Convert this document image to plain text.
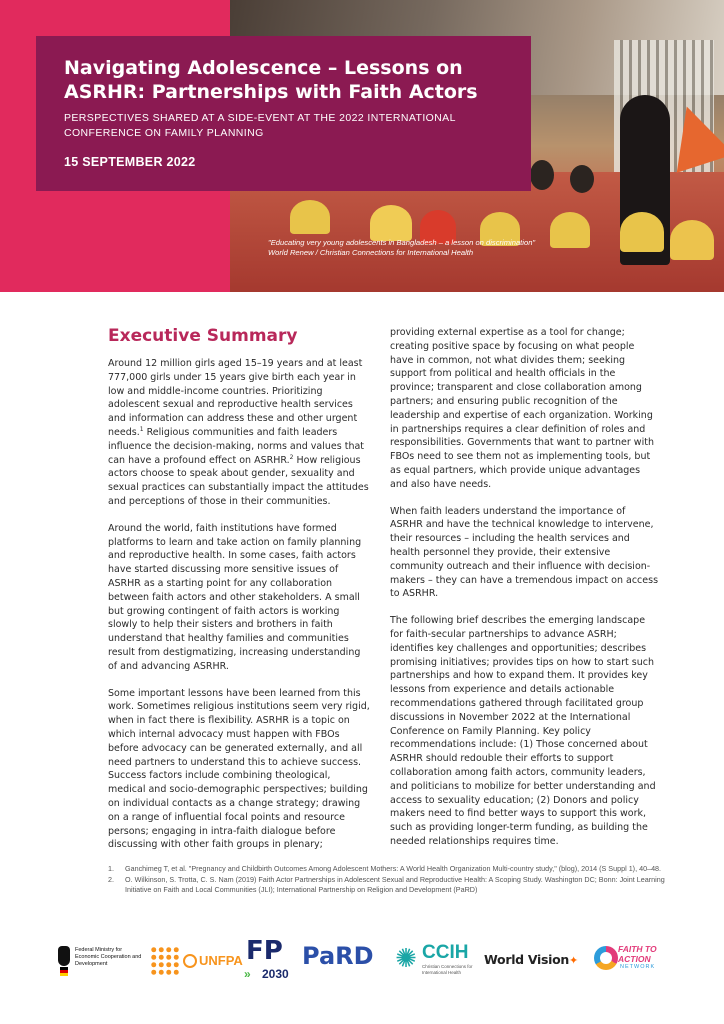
Navigating Adolescence – Lessons on ASRHR: Partnerships with Faith Actors
PERSPECTIVES SHARED AT A SIDE-EVENT AT THE 2022 INTERNATIONAL CONFERENCE ON FAMILY PLANNING
15 SEPTEMBER 2022
"Educating very young adolescents in Bangladesh – a lesson on discrimination"
World Renew / Christian Connections for International Health
Executive Summary

Around 12 million girls aged 15–19 years and at least 777,000 girls under 15 years give birth each year in low and middle-income countries. Prioritizing adolescent sexual and reproductive health services and information can address these and other urgent needs.$^1$ Religious communities and faith leaders influence the decision-making, norms and values that can have a profound effect on ASRHR.$^2$ How religious actors choose to speak about gender, sexuality and sexual practices can substantially impact the attitudes and perceptions of those in their communities.

Around the world, faith institutions have formed platforms to learn and take action on family planning and reproductive health. In some cases, faith actors have started discussing more sensitive issues of ASRHR as a starting point for any collaboration between faith actors and other stakeholders. A small but growing contingent of faith actors is working slowly to help their sisters and brothers in faith understand that healthy families and communities result from destigmatizing, increasing understanding of and advancing ASRHR.

Some important lessons have been learned from this work. Sometimes religious institutions seem very rigid, when in fact there is flexibility. ASRHR is a topic on which internal advocacy must happen with FBOs before advocacy can be generated externally, and all need partners to understand this to achieve success. Success factors include combining theological, medical and socio-demographic perspectives; building on individual contacts as a change strategy; drawing on a range of influential focal points and resource persons; engaging in intra-faith dialogue before discussing with other faith groups in plenary;

providing external expertise as a tool for change; creating positive space by focusing on what people have in common, not what divides them; seeking support from political and health officials in the province; transparent and close collaboration among partners; and ensuring public recognition of the leadership and expertise of each organization. Working in partnerships requires a clear definition of roles and responsibilities. Governments that want to partner with FBOs need to see them not as implementing tools, but as equal partners, which provide unique advantages and also have needs.

When faith leaders understand the importance of ASRHR and have the technical knowledge to intervene, their resources – including the health services and health personnel they provide, their extensive community outreach and their influence with decision-makers – they can have a tremendous impact on access to ASRHR.

The following brief describes the emerging landscape for faith-secular partnerships to advance ASRH; identifies key challenges and opportunities; describes promising initiatives; provides tips on how to start such partnerships and how to expand them. It provides key lessons from experience and details actionable recommendations gathered through facilitated group discussions in November 2022 at the International Conference on Family Planning. Key policy recommendations include: (1) Those concerned about ASRHR should redouble their efforts to support collaboration among faith actors, community leaders, and politicians to mobilize for better understanding and access to sexuality education; (2) Donors and policy makers need to find better ways to support this work, such as providing longer-term funding, as building the needed relationships requires time.

1. Ganchimeg T, et al. "Pregnancy and Childbirth Outcomes Among Adolescent Mothers: A World Health Organization Multi-country study," (blog), 2014 (S Suppl 1), 40–48.
2. O. Wilkinson, S. Trotta, C. S. Nam (2019) Faith Actor Partnerships in Adolescent Sexual and Reproductive Health: A Scoping Study. Washington DC; Bonn: Joint Learning Initiative on Faith and Local Communities (JLI); International Partnership on Religion and Development (PaRD)
Federal Ministry for Economic Cooperation and Development	UNFPA FP
» 2030
PaRD ✺ CCIH
Christian Connections for International Health
World Vision✦
FAITH TO ACTION
NETWORK
